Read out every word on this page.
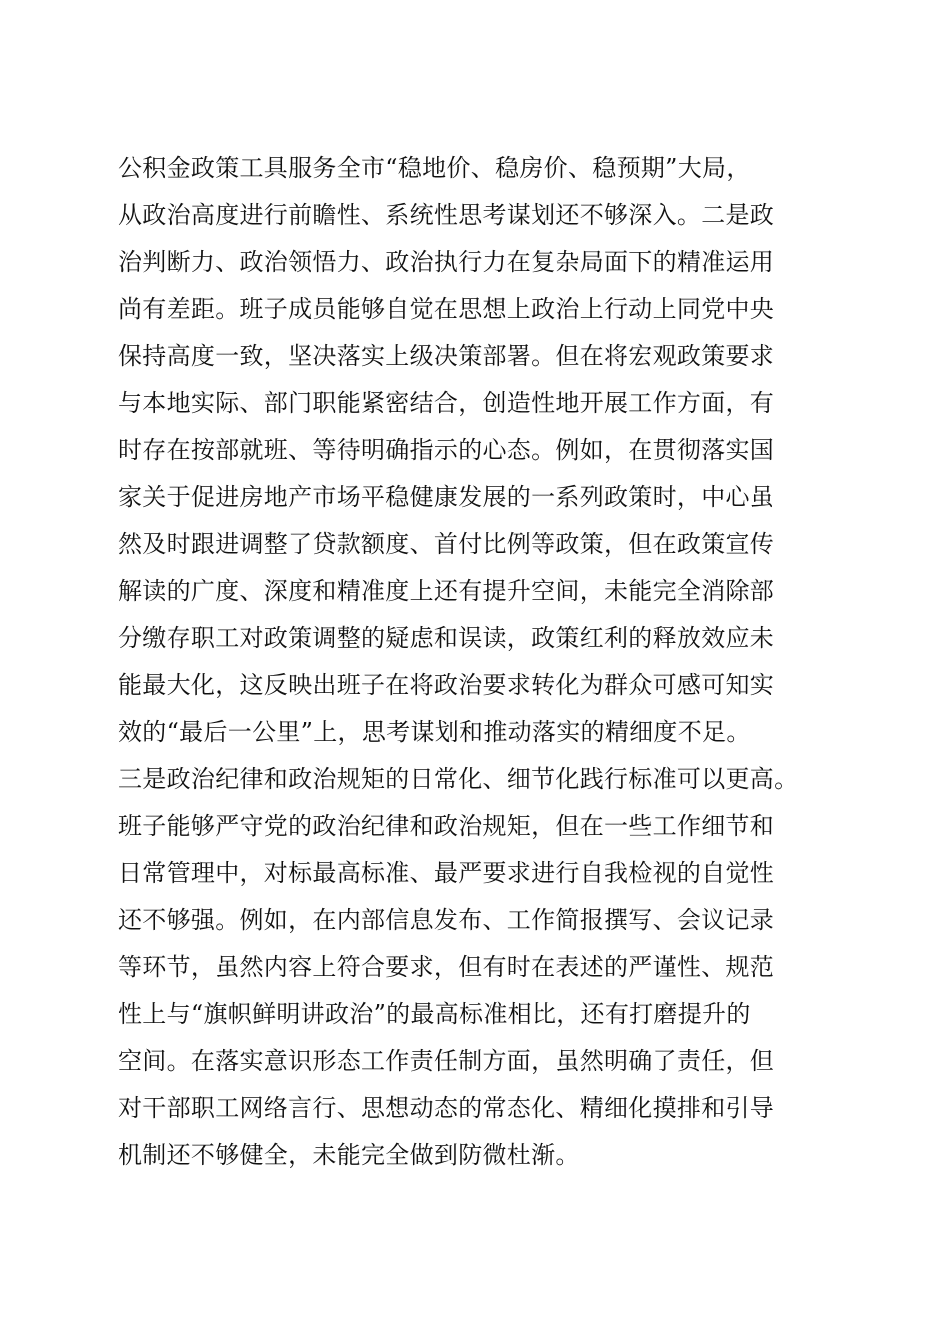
公积金政策工具服务全市“稳地价、稳房价、稳预期”大局，
从政治高度进行前瞻性、系统性思考谋划还不够深入。二是政
治判断力、政治领悟力、政治执行力在复杂局面下的精准运用
尚有差距。班子成员能够自觉在思想上政治上行动上同党中央
保持高度一致，坚决落实上级决策部署。但在将宏观政策要求
与本地实际、部门职能紧密结合，创造性地开展工作方面，有
时存在按部就班、等待明确指示的心态。例如，在贯彻落实国
家关于促进房地产市场平稳健康发展的一系列政策时，中心虽
然及时跟进调整了贷款额度、首付比例等政策，但在政策宣传
解读的广度、深度和精准度上还有提升空间，未能完全消除部
分缴存职工对政策调整的疑虑和误读，政策红利的释放效应未
能最大化，这反映出班子在将政治要求转化为群众可感可知实
效的“最后一公里”上，思考谋划和推动落实的精细度不足。
三是政治纪律和政治规矩的日常化、细节化践行标准可以更高。
班子能够严守党的政治纪律和政治规矩，但在一些工作细节和
日常管理中，对标最高标准、最严要求进行自我检视的自觉性
还不够强。例如，在内部信息发布、工作简报撰写、会议记录
等环节，虽然内容上符合要求，但有时在表述的严谨性、规范
性上与“旗帜鲜明讲政治”的最高标准相比，还有打磨提升的
空间。在落实意识形态工作责任制方面，虽然明确了责任，但
对干部职工网络言行、思想动态的常态化、精细化摸排和引导
机制还不够健全，未能完全做到防微杜渐。
